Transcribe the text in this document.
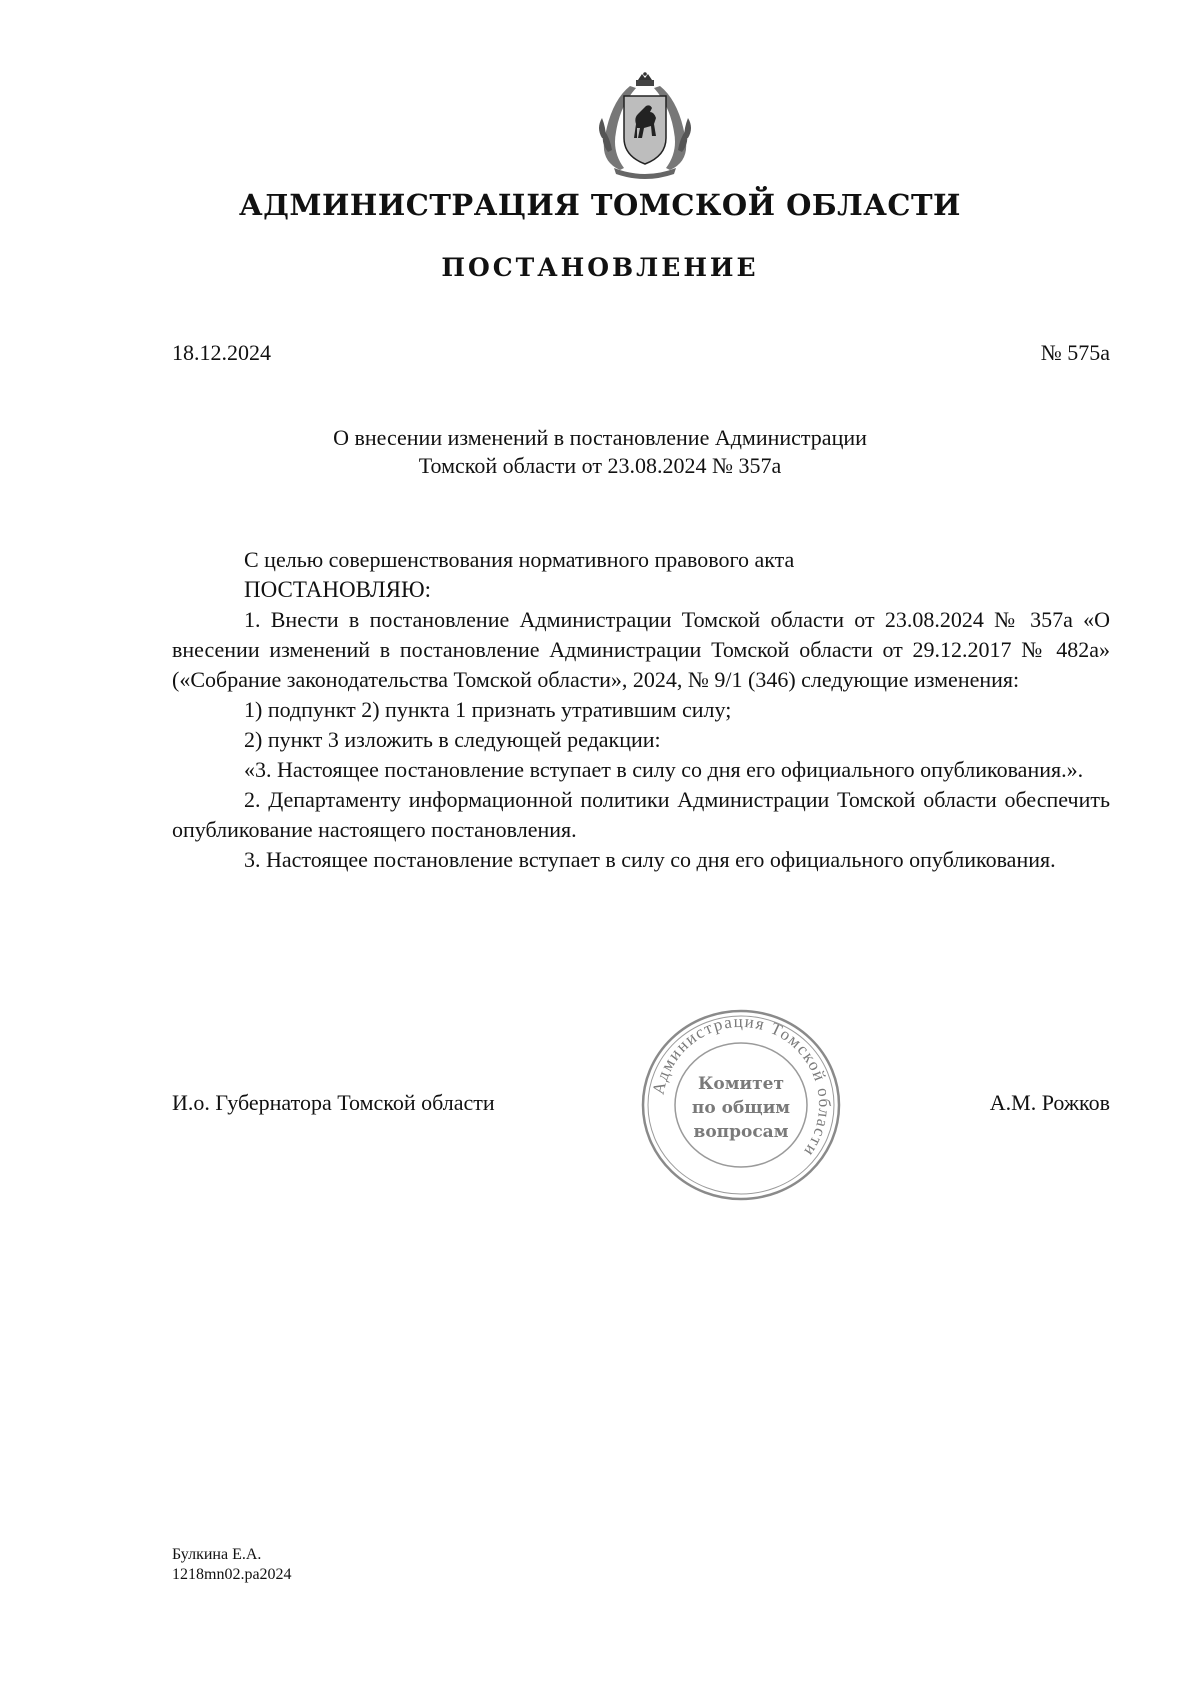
АДМИНИСТРАЦИЯ ТОМСКОЙ ОБЛАСТИ
ПОСТАНОВЛЕНИЕ
18.12.2024	№ 575а
О внесении изменений в постановление Администрации
Томской области от 23.08.2024 № 357а

С целью совершенствования нормативного правового акта

ПОСТАНОВЛЯЮ:

1. Внести в постановление Администрации Томской области от 23.08.2024 № 357а «О внесении изменений в постановление Администрации Томской области от 29.12.2017 № 482а» («Собрание законодательства Томской области», 2024, № 9/1 (346) следующие изменения:

1) подпункт 2) пункта 1 признать утратившим силу;

2) пункт 3 изложить в следующей редакции:

«3. Настоящее постановление вступает в силу со дня его официального опубликования.».

2. Департаменту информационной политики Администрации Томской области обеспечить опубликование настоящего постановления.

3. Настоящее постановление вступает в силу со дня его официального опубликования.

И.о. Губернатора Томской области	А.М. Рожков
Администрация Томской области
Комитет
по общим
вопросам
Булкина Е.А.
1218mn02.pa2024
